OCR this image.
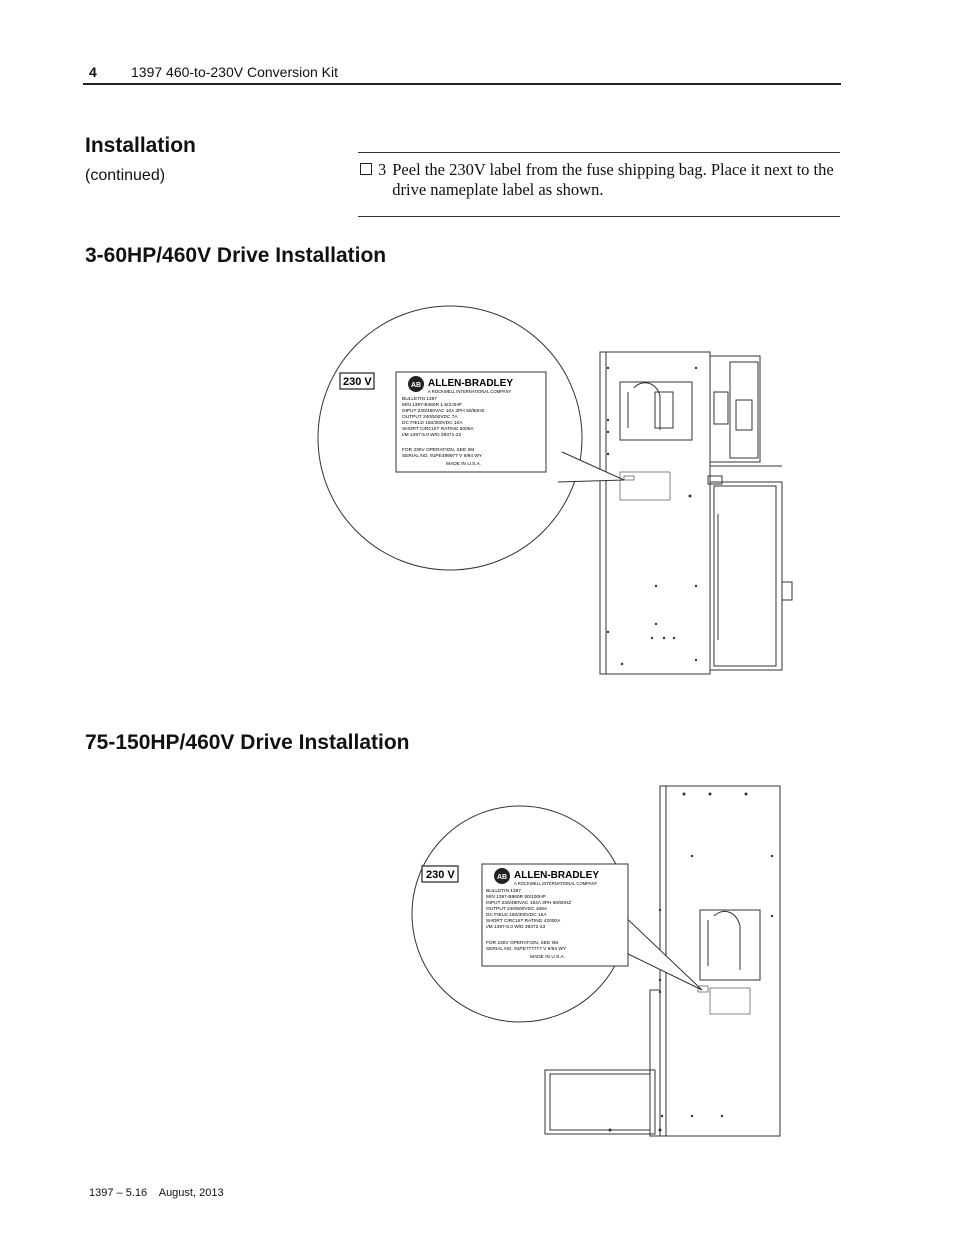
4 1397 460-to-230V Conversion Kit
Installation
(continued)	3 Peel the 230V label from the fuse shipping bag. Place it next to the drive nameplate label as shown.
3-60HP/460V Drive Installation
230 V	AB ALLEN-BRADLEY
A ROCKWELL INTERNATIONAL COMPANY
BULLETIN 1397
M/N 1397-B460R 1.5/3.0HP
INPUT 230/460VAC 10A 3PH 50/60HZ
OUTPUT 240/500VDC 7A
DC FIELD 150/300VDC 10A
SHORT CIRCUIT RATING 5000A
I/M 1397-5.0 W/D 39371-23
FOR 230V OPERATION, SEE I/M
SERIAL NO. 91PE499977 V 9/94 WY
MADE IN U.S.A.
75-150HP/460V Drive Installation
230 V	AB ALLEN-BRADLEY
A ROCKWELL INTERNATIONAL COMPANY
BULLETIN 1397
M/N 1397-B960R 50/100HP
INPUT 230/460VAC 154A 3PH 50/60HZ
OUTPUT 240/500VDC 169A
DC FIELD 150/300VDC 15A
SHORT CIRCUIT RATING 42000A
I/M 1397-5.0 W/D 39372-23
FOR 230V OPERATION, SEE I/M
SERIAL NO. 91PE777777 V 9/94 WY
MADE IN U.S.A.
1397 – 5.16    August, 2013
